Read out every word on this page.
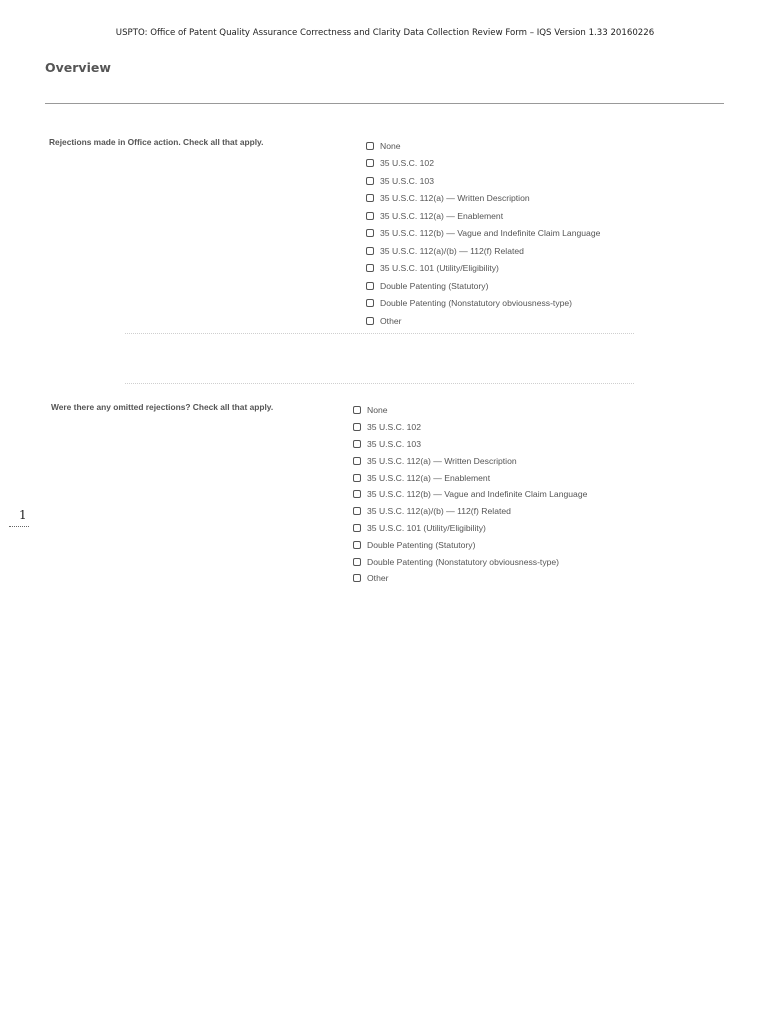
USPTO: Office of Patent Quality Assurance Correctness and Clarity Data Collection Review Form – IQS Version 1.33 20160226
Overview
Rejections made in Office action. Check all that apply.	None
35 U.S.C. 102
35 U.S.C. 103
35 U.S.C. 112(a) — Written Description
35 U.S.C. 112(a) — Enablement
35 U.S.C. 112(b) — Vague and Indefinite Claim Language
35 U.S.C. 112(a)/(b) — 112(f) Related
35 U.S.C. 101 (Utility/Eligibility)
Double Patenting (Statutory)
Double Patenting (Nonstatutory obviousness-type)
Other
Were there any omitted rejections? Check all that apply.	None
35 U.S.C. 102
35 U.S.C. 103
35 U.S.C. 112(a) — Written Description
35 U.S.C. 112(a) — Enablement
35 U.S.C. 112(b) — Vague and Indefinite Claim Language
35 U.S.C. 112(a)/(b) — 112(f) Related
35 U.S.C. 101 (Utility/Eligibility)
Double Patenting (Statutory)
Double Patenting (Nonstatutory obviousness-type)
Other
1
